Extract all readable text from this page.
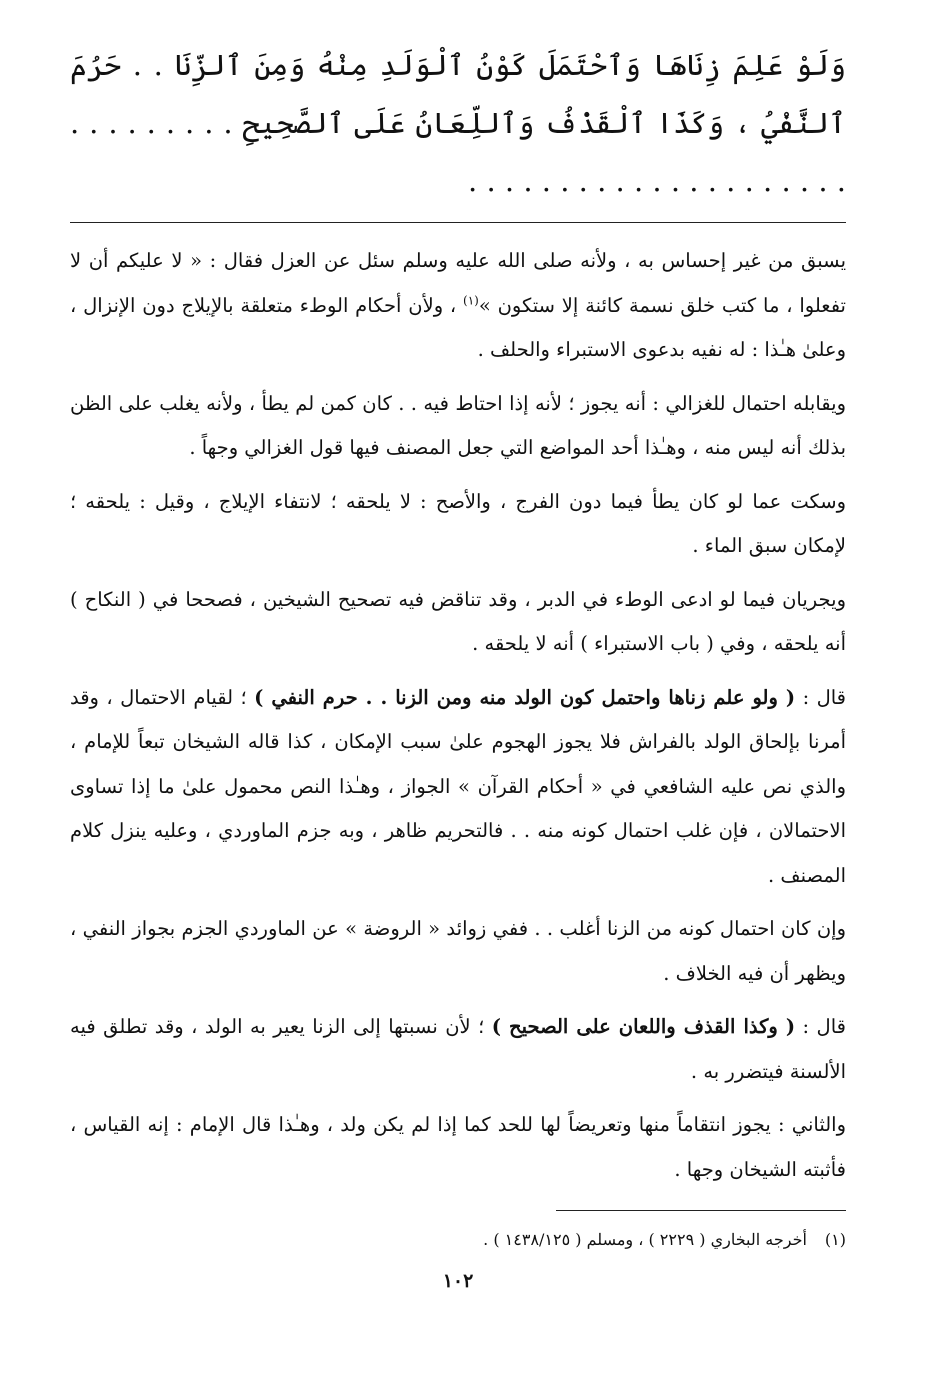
وَلَوْ عَلِمَ زِنَاهَا وَٱحْتَمَلَ كَوْنُ ٱلْوَلَدِ مِنْهُ وَمِنَ ٱلزِّنَا . . حَرُمَ ٱلنَّفْيُ ، وَكَذَا ٱلْقَذْفُ وَٱللِّعَانُ عَلَى ٱلصَّحِيحِ . . . . . . . . . . . . . . . . . . . . . . . . . . . . . .

يسبق من غير إحساس به ، ولأنه صلى الله عليه وسلم سئل عن العزل فقال : « لا عليكم أن لا تفعلوا ، ما كتب خلق نسمة كائنة إلا ستكون »$^{(١)}$ ، ولأن أحكام الوطء متعلقة بالإيلاج دون الإنزال ، وعلىٰ هـٰذا : له نفيه بدعوى الاستبراء والحلف .

ويقابله احتمال للغزالي : أنه يجوز ؛ لأنه إذا احتاط فيه . . كان كمن لم يطأ ، ولأنه يغلب على الظن بذلك أنه ليس منه ، وهـٰذا أحد المواضع التي جعل المصنف فيها قول الغزالي وجهاً .

وسكت عما لو كان يطأ فيما دون الفرج ، والأصح : لا يلحقه ؛ لانتفاء الإيلاج ، وقيل : يلحقه ؛ لإمكان سبق الماء .

ويجريان فيما لو ادعى الوطء في الدبر ، وقد تناقض فيه تصحيح الشيخين ، فصححا في ( النكاح ) أنه يلحقه ، وفي ( باب الاستبراء ) أنه لا يلحقه .

قال : ( ولو علم زناها واحتمل كون الولد منه ومن الزنا . . حرم النفي ) ؛ لقيام الاحتمال ، وقد أمرنا بإلحاق الولد بالفراش فلا يجوز الهجوم علىٰ سبب الإمكان ، كذا قاله الشيخان تبعاً للإمام ، والذي نص عليه الشافعي في « أحكام القرآن » الجواز ، وهـٰذا النص محمول علىٰ ما إذا تساوى الاحتمالان ، فإن غلب احتمال كونه منه . . فالتحريم ظاهر ، وبه جزم الماوردي ، وعليه ينزل كلام المصنف .

وإن كان احتمال كونه من الزنا أغلب . . ففي زوائد « الروضة » عن الماوردي الجزم بجواز النفي ، ويظهر أن فيه الخلاف .

قال : ( وكذا القذف واللعان على الصحيح ) ؛ لأن نسبتها إلى الزنا يعير به الولد ، وقد تطلق فيه الألسنة فيتضرر به .

والثاني : يجوز انتقاماً منها وتعريضاً لها للحد كما إذا لم يكن ولد ، وهـٰذا قال الإمام : إنه القياس ، فأثبته الشيخان وجها .

(١)أخرجه البخاري ( ٢٢٢٩ ) ، ومسلم ( ١٤٣٨/١٢٥ ) .

١٠٢
